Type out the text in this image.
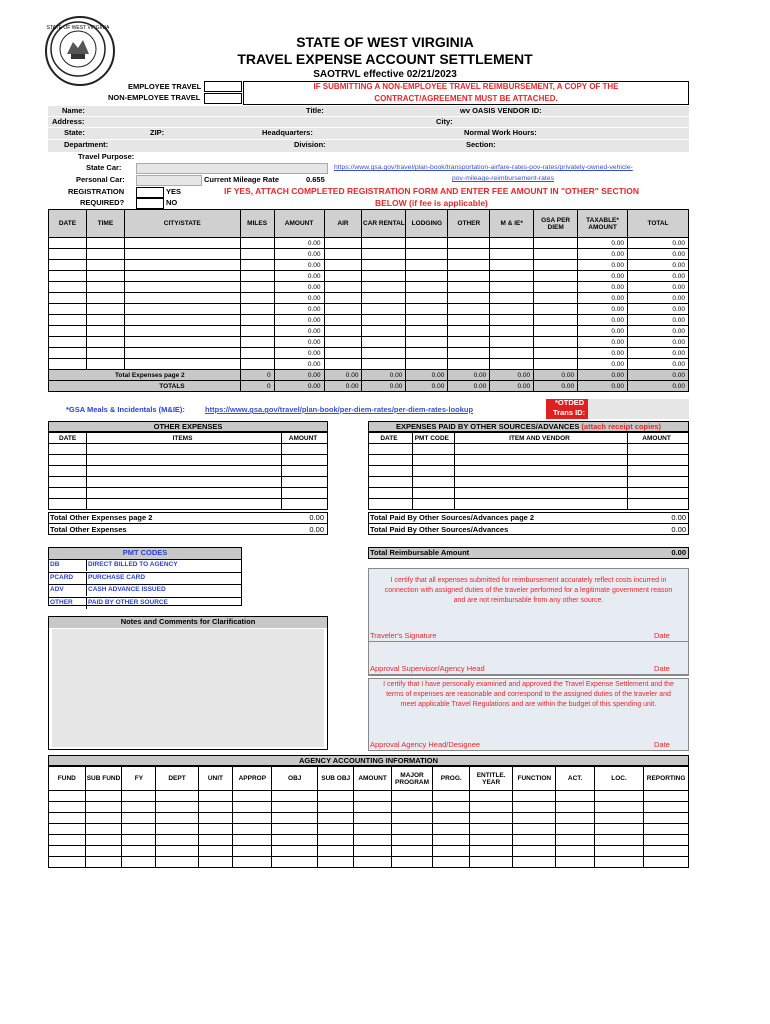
STATE OF WEST VIRGINIA
STATE OF WEST VIRGINIA
TRAVEL EXPENSE ACCOUNT SETTLEMENT
SAOTRVL effective 02/21/2023
EMPLOYEE TRAVEL
NON-EMPLOYEE TRAVEL
IF SUBMITTING A NON-EMPLOYEE TRAVEL REIMBURSEMENT, A COPY OF THE
CONTRACT/AGREEMENT MUST BE ATTACHED.
Name:	Title:	wv OASIS VENDOR ID:
Address:	City:
State:	ZIP:	Headquarters:	Normal Work Hours:
Department:	Division:	Section:
Travel Purpose:
State Car:
Personal Car:	Current Mileage Rate	0.655
https://www.gsa.gov/travel/plan-book/transportation-airfare-rates-pov-rates/privately-owned-vehicle-
pov-mileage-reimbursement-rates
REGISTRATION
REQUIRED?
YES
NO
IF YES, ATTACH COMPLETED REGISTRATION FORM AND ENTER FEE AMOUNT IN "OTHER" SECTION
BELOW (if fee is applicable)
DATE	TIME	CITY/STATE	MILES	AMOUNT	AIR	CAR RENTAL	LODGING	OTHER	M & IE*	GSA PER DIEM	TAXABLE* AMOUNT	TOTAL
				0.00							0.00	0.00
				0.00							0.00	0.00
				0.00							0.00	0.00
				0.00							0.00	0.00
				0.00							0.00	0.00
				0.00							0.00	0.00
				0.00							0.00	0.00
				0.00							0.00	0.00
				0.00							0.00	0.00
				0.00							0.00	0.00
				0.00							0.00	0.00
				0.00							0.00	0.00
Total Expenses page 2			0	0.00	0.00	0.00	0.00	0.00	0.00	0.00	0.00	0.00
TOTALS			0	0.00	0.00	0.00	0.00	0.00	0.00	0.00	0.00	0.00
*GSA Meals & Incidentals (M&IE):	https://www.gsa.gov/travel/plan-book/per-diem-rates/per-diem-rates-lookup
*OTDED
Trans ID:
OTHER EXPENSES
DATE	ITEMS	AMOUNT

Total Other Expenses page 2	0.00
Total Other Expenses	0.00
EXPENSES PAID BY OTHER SOURCES/ADVANCES (attach receipt copies)
DATE	PMT CODE	ITEM AND VENDOR	AMOUNT

Total Paid By Other Sources/Advances page 2	0.00
Total Paid By Other Sources/Advances	0.00
PMT CODES
DB	DIRECT BILLED TO AGENCY
PCARD PURCHASE CARD
ADV	CASH ADVANCE ISSUED
OTHER PAID BY OTHER SOURCE
Total Reimbursable Amount	0.00
I certify that all expenses submitted for reimbursement accurately reflect costs incurred in
connection with assigned duties of the traveler performed for a legitimate government reason
and are not reimbursable from any other source.
Traveler's Signature	Date
Approval Supervisor/Agency Head	Date
I certify that I have personally examined and approved the Travel Expense Settlement and the
terms of expenses are reasonable and correspond to the assigned duties of the traveler and
meet applicable Travel Regulations and are within the budget of this spending unit.
Approval Agency Head/Designee	Date
Notes and Comments for Clarification
AGENCY ACCOUNTING INFORMATION
FUND	SUB FUND	FY	DEPT	UNIT	APPROP	OBJ	SUB OBJ	AMOUNT	MAJOR PROGRAM	PROG.	ENTITLE. YEAR	FUNCTION	ACT.	LOC.	REPORTING
